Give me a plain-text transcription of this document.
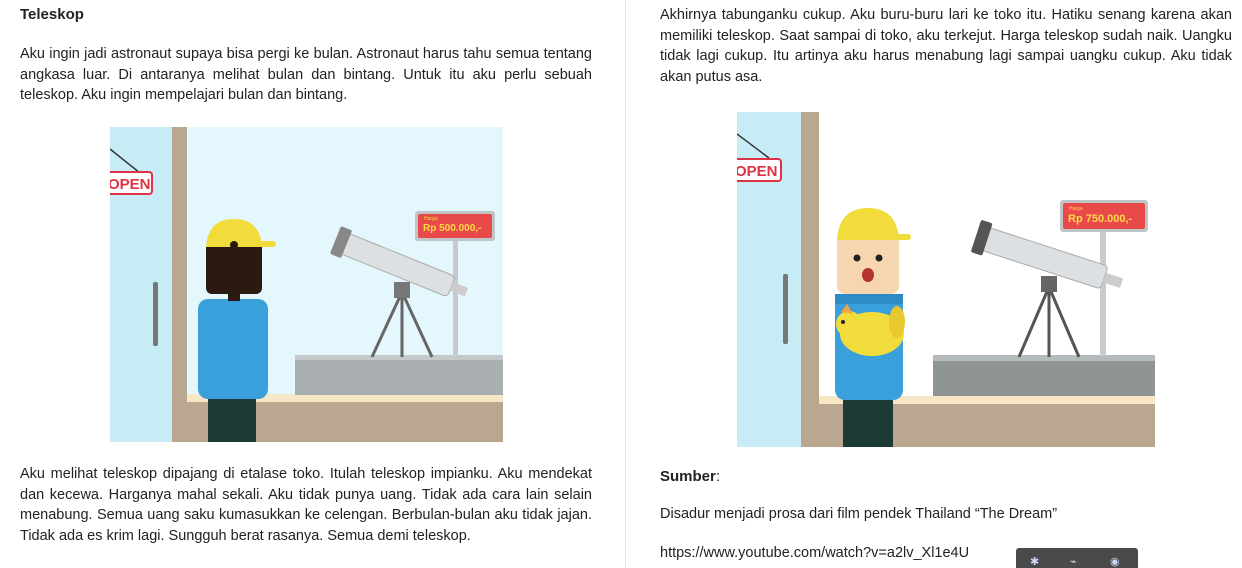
Teleskop

Aku ingin jadi astronaut supaya bisa pergi ke bulan. Astronaut harus tahu semua tentang angkasa luar. Di antaranya melihat bulan dan bintang. Untuk itu aku perlu sebuah teleskop. Aku ingin mempelajari bulan dan bintang.

Aku melihat teleskop dipajang di etalase toko. Itulah teleskop impianku. Aku mendekat dan kecewa. Harganya mahal sekali. Aku tidak punya uang. Tidak ada cara lain selain menabung. Semua uang saku kumasukkan ke celengan. Berbulan-bulan aku tidak jajan. Tidak ada es krim lagi. Sungguh berat rasanya. Semua demi teleskop.

OPEN
Harga
Rp 500.000,-

Akhirnya tabunganku cukup. Aku buru-buru lari ke toko itu. Hatiku senang karena akan memiliki teleskop. Saat sampai di toko, aku terkejut. Harga teleskop sudah naik. Uangku tidak lagi cukup. Itu artinya aku harus menabung lagi sampai uangku cukup. Aku tidak akan putus asa.

Sumber:
Disadur menjadi prosa dari film pendek Thailand “The Dream”
https://www.youtube.com/watch?v=a2lv_Xl1e4U
OPEN
Harga
Rp 750.000,-
✱	⌁	◉
